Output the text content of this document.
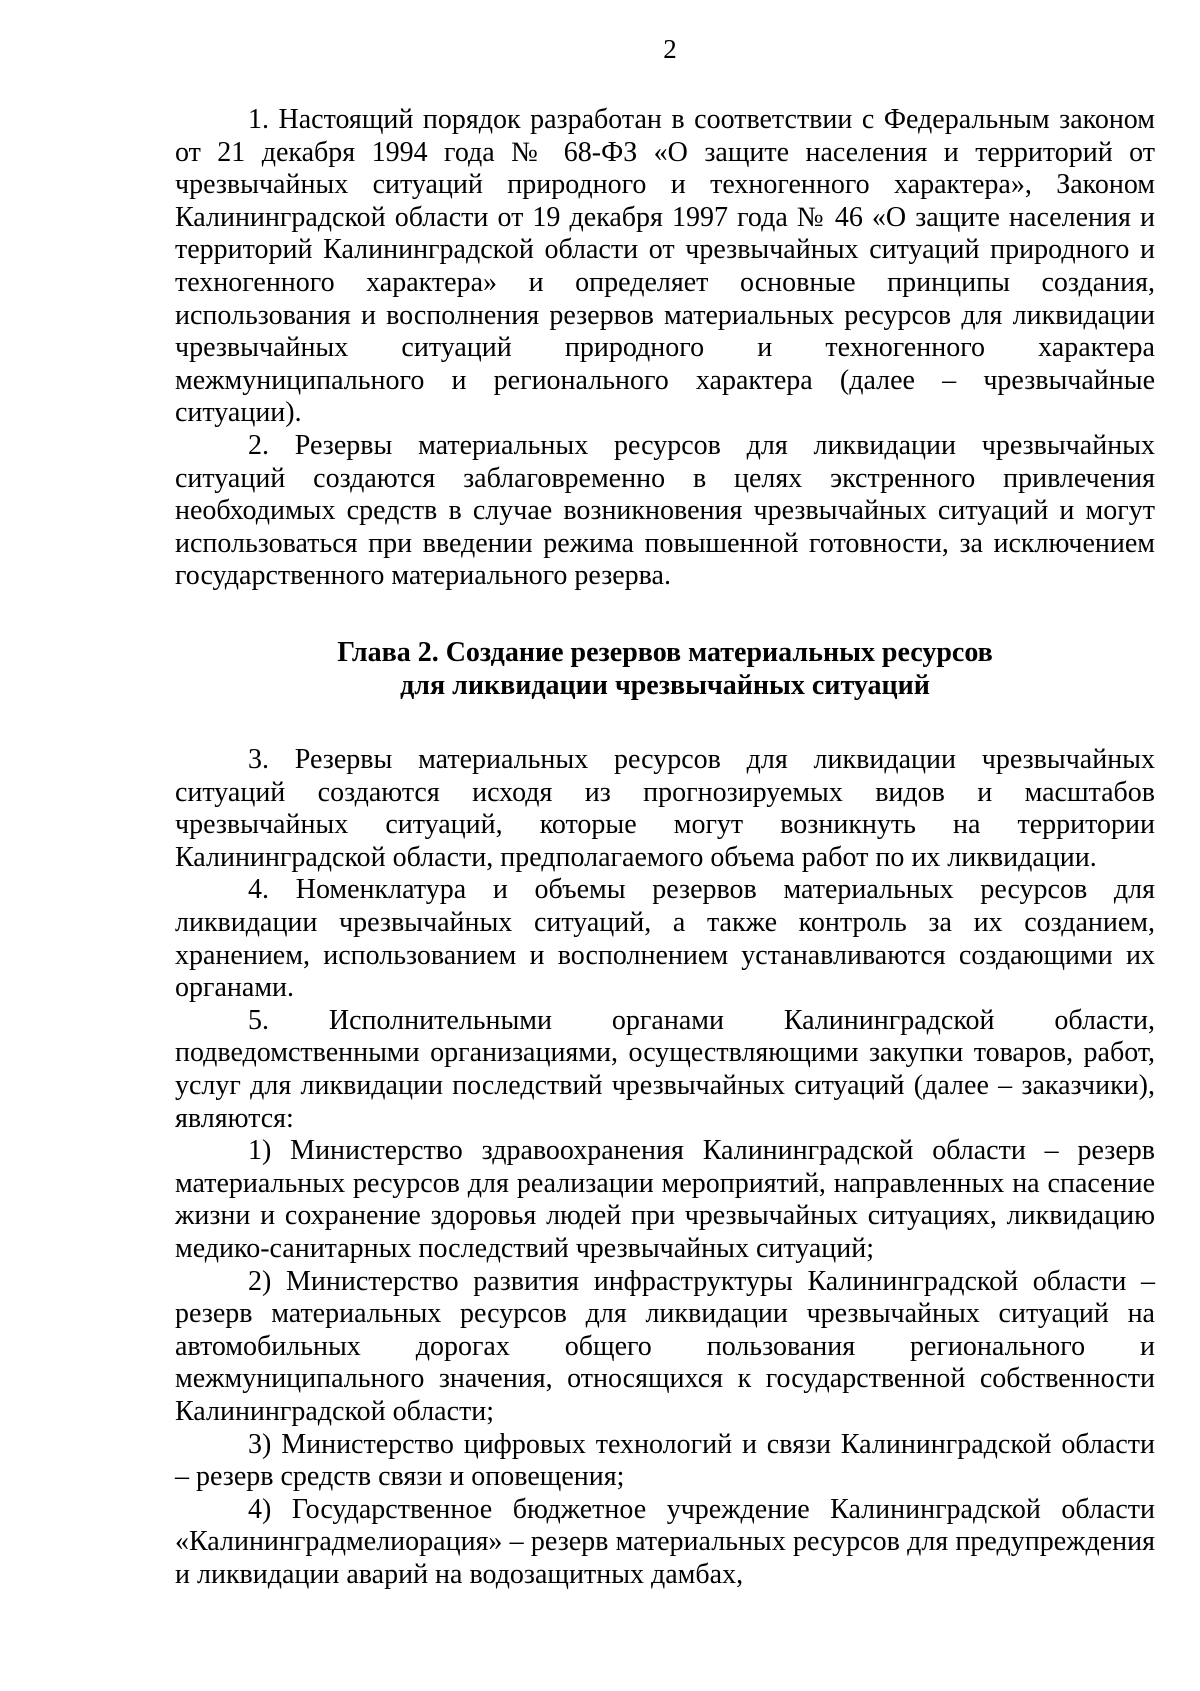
2

1. Настоящий порядок разработан в соответствии с Федеральным законом от 21 декабря 1994 года № 68-ФЗ «О защите населения и территорий от чрезвычайных ситуаций природного и техногенного характера», Законом Калининградской области от 19 декабря 1997 года № 46 «О защите населения и территорий Калининградской области от чрезвычайных ситуаций природного и техногенного характера» и определяет основные принципы создания, использования и восполнения резервов материальных ресурсов для ликвидации чрезвычайных ситуаций природного и техногенного характера межмуниципального и регионального характера (далее – чрезвычайные ситуации).

2. Резервы материальных ресурсов для ликвидации чрезвычайных ситуаций создаются заблаговременно в целях экстренного привлечения необходимых средств в случае возникновения чрезвычайных ситуаций и могут использоваться при введении режима повышенной готовности, за исключением государственного материального резерва.

Глава 2. Создание резервов материальных ресурсов
для ликвидации чрезвычайных ситуаций

3. Резервы материальных ресурсов для ликвидации чрезвычайных ситуаций создаются исходя из прогнозируемых видов и масштабов чрезвычайных ситуаций, которые могут возникнуть на территории Калининградской области, предполагаемого объема работ по их ликвидации.

4. Номенклатура и объемы резервов материальных ресурсов для ликвидации чрезвычайных ситуаций, а также контроль за их созданием, хранением, использованием и восполнением устанавливаются создающими их органами.

5. Исполнительными органами Калининградской области, подведомственными организациями, осуществляющими закупки товаров, работ, услуг для ликвидации последствий чрезвычайных ситуаций (далее – заказчики), являются:

1) Министерство здравоохранения Калининградской области – резерв материальных ресурсов для реализации мероприятий, направленных на спасение жизни и сохранение здоровья людей при чрезвычайных ситуациях, ликвидацию медико-санитарных последствий чрезвычайных ситуаций;

2) Министерство развития инфраструктуры Калининградской области – резерв материальных ресурсов для ликвидации чрезвычайных ситуаций на автомобильных дорогах общего пользования регионального и межмуниципального значения, относящихся к государственной собственности Калининградской области;

3) Министерство цифровых технологий и связи Калининградской области – резерв средств связи и оповещения;

4) Государственное бюджетное учреждение Калининградской области «Калининградмелиорация» – резерв материальных ресурсов для предупреждения и ликвидации аварий на водозащитных дамбах,
